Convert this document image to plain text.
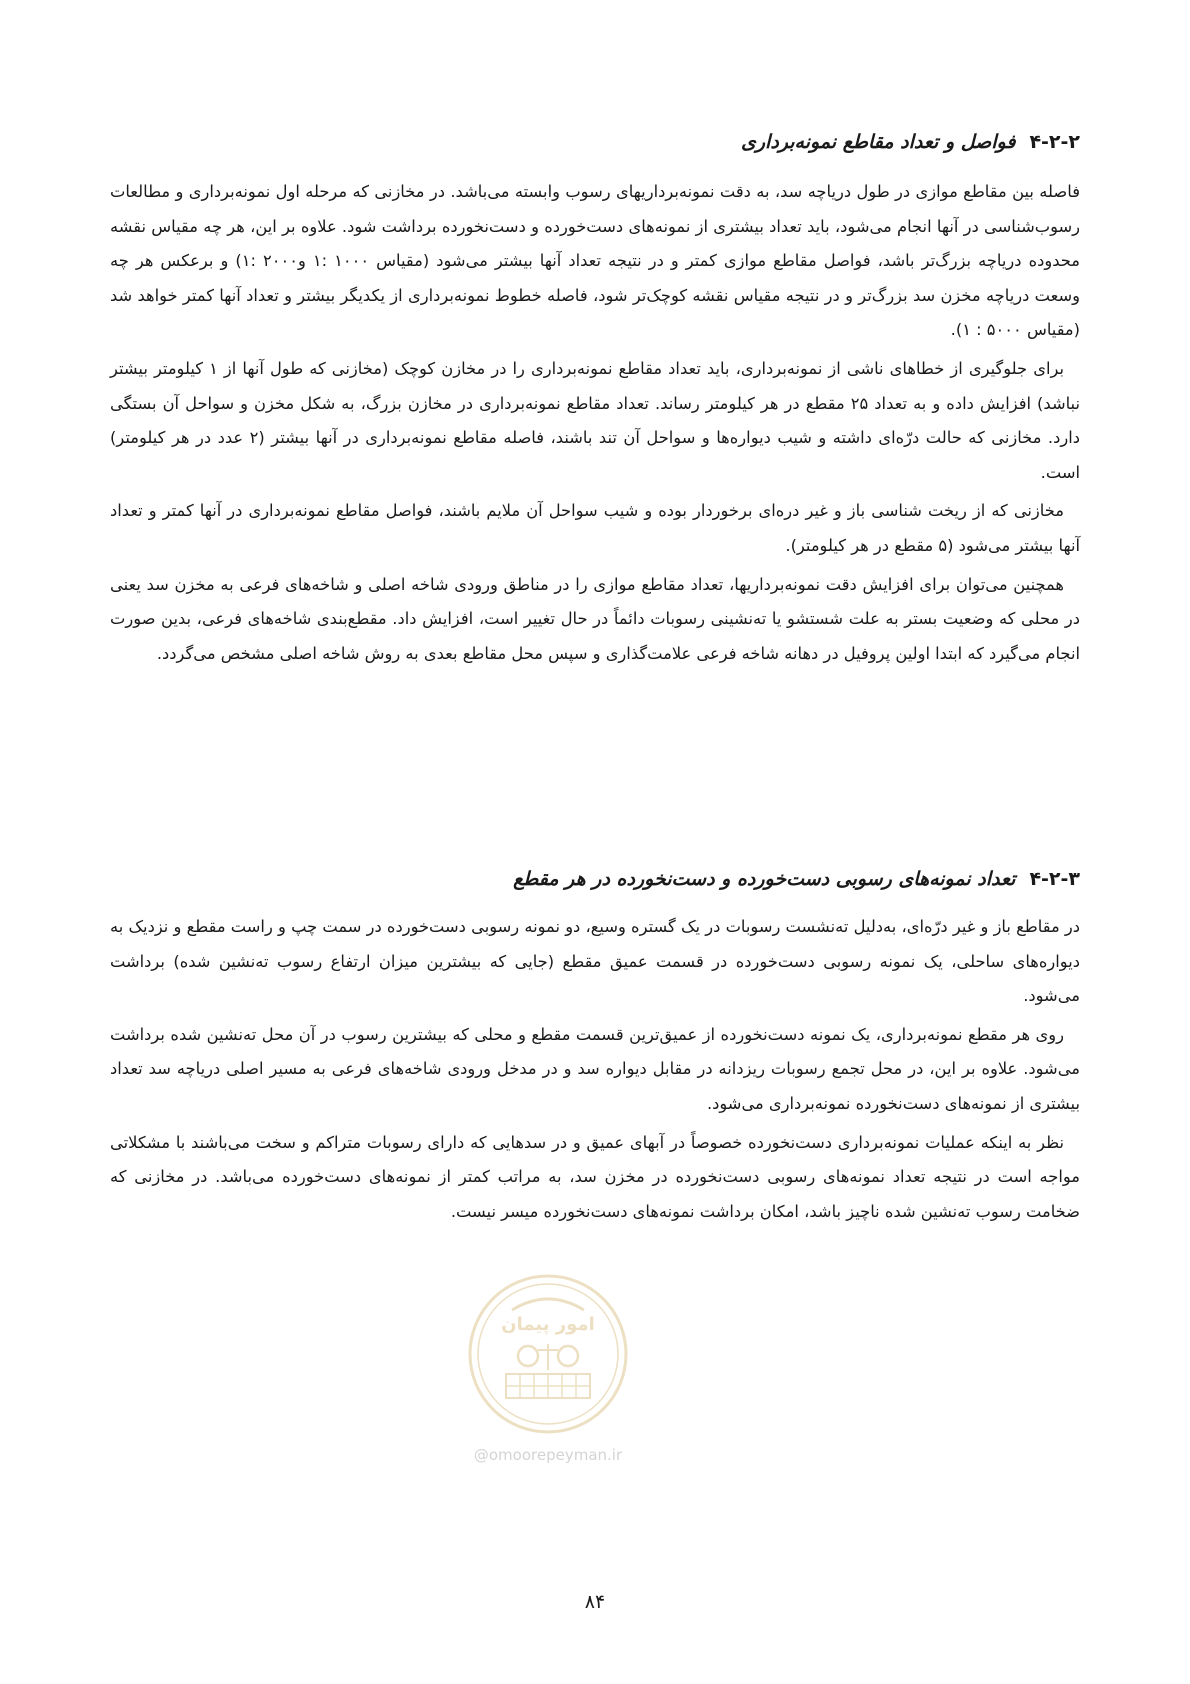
۴-۲-۲فواصل و تعداد مقاطع نمونه‌برداری

فاصله بین مقاطع موازی در طول دریاچه سد، به دقت نمونه‌برداریهای رسوب وابسته می‌باشد. در مخازنی که مرحله اول نمونه‌برداری و مطالعات رسوب‌شناسی در آنها انجام می‌شود، باید تعداد بیشتری از نمونه‌های دست‌خورده و دست‌نخورده برداشت شود. علاوه بر این، هر چه مقیاس نقشه محدوده دریاچه بزرگ‌تر باشد، فواصل مقاطع موازی کمتر و در نتیجه تعداد آنها بیشتر می‌شود (مقیاس ۱۰۰۰ :۱ و۲۰۰۰ :۱) و برعکس هر چه وسعت دریاچه مخزن سد بزرگ‌تر و در نتیجه مقیاس نقشه کوچک‌تر شود، فاصله خطوط نمونه‌برداری از یکدیگر بیشتر و تعداد آنها کمتر خواهد شد (مقیاس ۵۰۰۰ : ۱).

برای جلوگیری از خطاهای ناشی از نمونه‌برداری، باید تعداد مقاطع نمونه‌برداری را در مخازن کوچک (مخازنی که طول آنها از ۱ کیلومتر بیشتر نباشد) افزایش داده و به تعداد ۲۵ مقطع در هر کیلومتر رساند. تعداد مقاطع نمونه‌برداری در مخازن بزرگ، به شکل مخزن و سواحل آن بستگی دارد. مخازنی که حالت درّه‌ای داشته و شیب دیواره‌ها و سواحل آن تند باشند، فاصله مقاطع نمونه‌برداری در آنها بیشتر (۲ عدد در هر کیلومتر) است.

مخازنی که از ریخت شناسی باز و غیر دره‌ای برخوردار بوده و شیب سواحل آن ملایم باشند، فواصل مقاطع نمونه‌برداری در آنها کمتر و تعداد آنها بیشتر می‌شود (۵ مقطع در هر کیلومتر).

همچنین می‌توان برای افزایش دقت نمونه‌برداریها، تعداد مقاطع موازی را در مناطق ورودی شاخه اصلی و شاخه‌های فرعی به مخزن سد یعنی در محلی که وضعیت بستر به علت شستشو یا ته‌نشینی رسوبات دائماً در حال تغییر است، افزایش داد. مقطع‌بندی شاخه‌های فرعی، بدین صورت انجام می‌گیرد که ابتدا اولین پروفیل در دهانه شاخه فرعی علامت‌گذاری و سپس محل مقاطع بعدی به روش شاخه اصلی مشخص می‌گردد.

۴-۲-۳تعداد نمونه‌های رسوبی دست‌خورده و دست‌نخورده در هر مقطع

در مقاطع باز و غیر درّه‌ای، به‌دلیل ته‌نشست رسوبات در یک گستره وسیع، دو نمونه رسوبی دست‌خورده در سمت چپ و راست مقطع و نزدیک به دیواره‌های ساحلی، یک نمونه رسوبی دست‌خورده در قسمت عمیق مقطع (جایی که بیشترین میزان ارتفاع رسوب ته‌نشین شده) برداشت می‌شود.

روی هر مقطع نمونه‌برداری، یک نمونه دست‌نخورده از عمیق‌ترین قسمت مقطع و محلی که بیشترین رسوب در آن محل ته‌نشین شده برداشت می‌شود. علاوه بر این، در محل تجمع رسوبات ریزدانه در مقابل دیواره سد و در مدخل ورودی شاخه‌های فرعی به مسیر اصلی دریاچه سد تعداد بیشتری از نمونه‌های دست‌نخورده نمونه‌برداری می‌شود.

نظر به اینکه عملیات نمونه‌برداری دست‌نخورده خصوصاً در آبهای عمیق و در سدهایی که دارای رسوبات متراکم و سخت می‌باشند با مشکلاتی مواجه است در نتیجه تعداد نمونه‌های رسوبی دست‌نخورده در مخزن سد، به مراتب کمتر از نمونه‌های دست‌خورده می‌باشد. در مخازنی که ضخامت رسوب ته‌نشین شده ناچیز باشد، امکان برداشت نمونه‌های دست‌نخورده میسر نیست.

امور پیمان
@omoorepeyman.ir
۸۴
